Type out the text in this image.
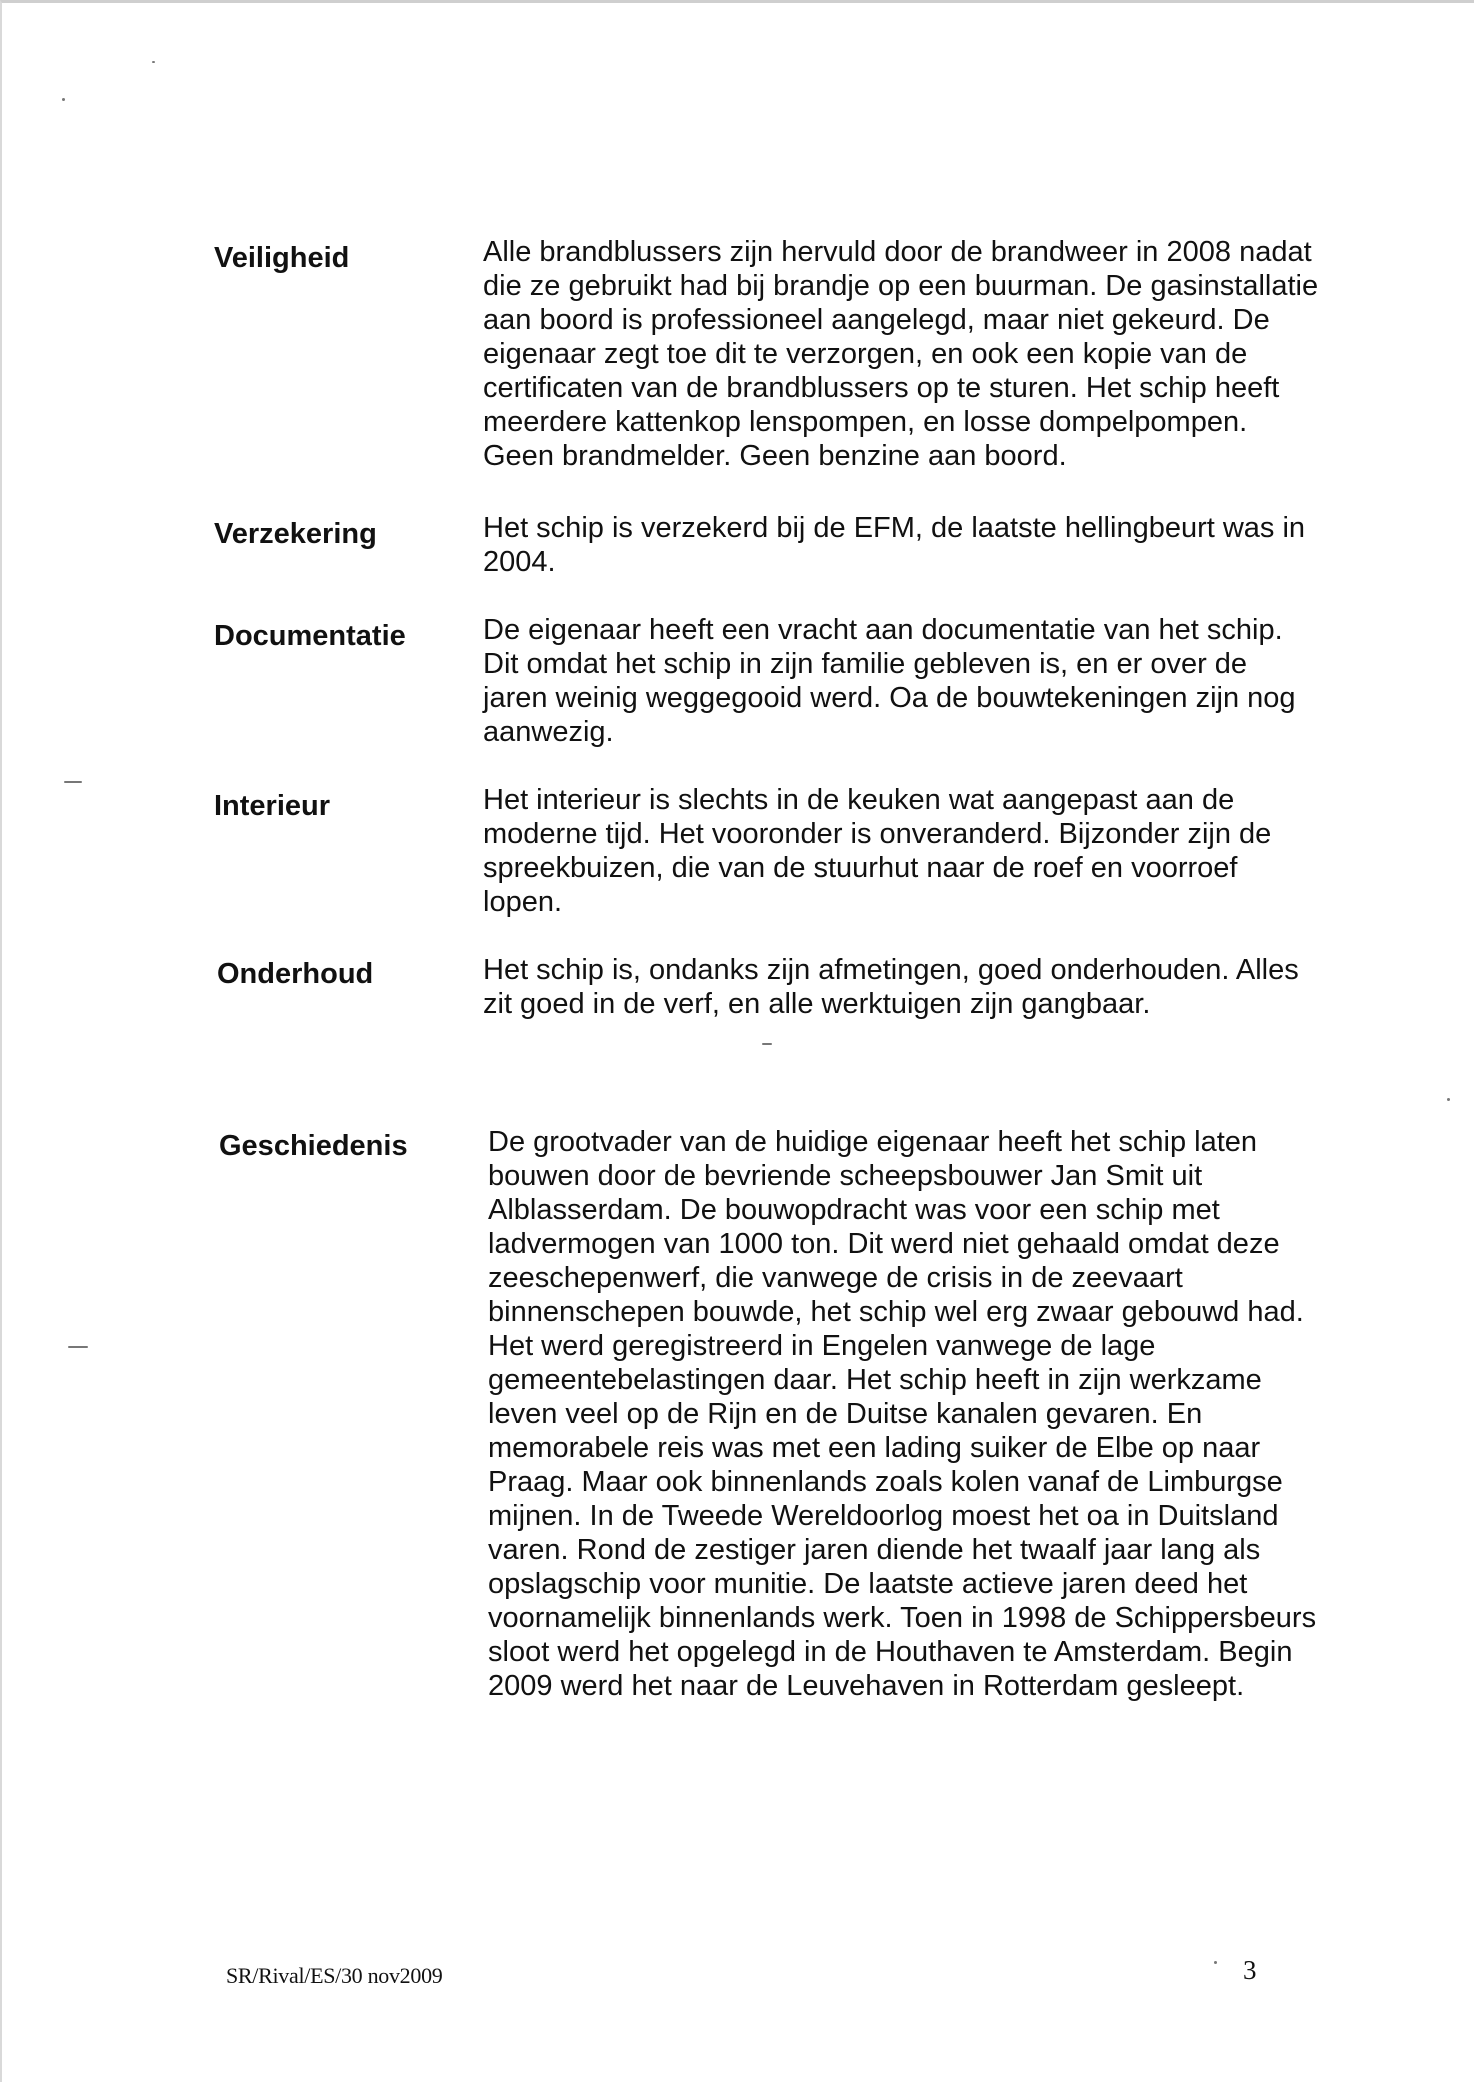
Veiligheid	Alle brandblussers zijn hervuld door de brandweer in 2008 nadat
die ze gebruikt had bij brandje op een buurman. De gasinstallatie
aan boord is professioneel aangelegd, maar niet gekeurd. De
eigenaar zegt toe dit te verzorgen, en ook een kopie van de
certificaten van de brandblussers op te sturen. Het schip heeft
meerdere kattenkop lenspompen, en losse dompelpompen.
Geen brandmelder. Geen benzine aan boord.
Verzekering	Het schip is verzekerd bij de EFM, de laatste hellingbeurt was in
2004.
Documentatie	De eigenaar heeft een vracht aan documentatie van het schip.
Dit omdat het schip in zijn familie gebleven is, en er over de
jaren weinig weggegooid werd. Oa de bouwtekeningen zijn nog
aanwezig.
Interieur	Het interieur is slechts in de keuken wat aangepast aan de
moderne tijd. Het vooronder is onveranderd. Bijzonder zijn de
spreekbuizen, die van de stuurhut naar de roef en voorroef
lopen.
Onderhoud	Het schip is, ondanks zijn afmetingen, goed onderhouden. Alles
zit goed in de verf, en alle werktuigen zijn gangbaar.
Geschiedenis	De grootvader van de huidige eigenaar heeft het schip laten
bouwen door de bevriende scheepsbouwer Jan Smit uit
Alblasserdam. De bouwopdracht was voor een schip met
ladvermogen van 1000 ton. Dit werd niet gehaald omdat deze
zeeschepenwerf, die vanwege de crisis in de zeevaart
binnenschepen bouwde, het schip wel erg zwaar gebouwd had.
Het werd geregistreerd in Engelen vanwege de lage
gemeentebelastingen daar. Het schip heeft in zijn werkzame
leven veel op de Rijn en de Duitse kanalen gevaren. En
memorabele reis was met een lading suiker de Elbe op naar
Praag. Maar ook binnenlands zoals kolen vanaf de Limburgse
mijnen. In de Tweede Wereldoorlog moest het oa in Duitsland
varen. Rond de zestiger jaren diende het twaalf jaar lang als
opslagschip voor munitie. De laatste actieve jaren deed het
voornamelijk binnenlands werk. Toen in 1998 de Schippersbeurs
sloot werd het opgelegd in de Houthaven te Amsterdam. Begin
2009 werd het naar de Leuvehaven in Rotterdam gesleept.
SR/Rival/ES/30 nov2009	3
